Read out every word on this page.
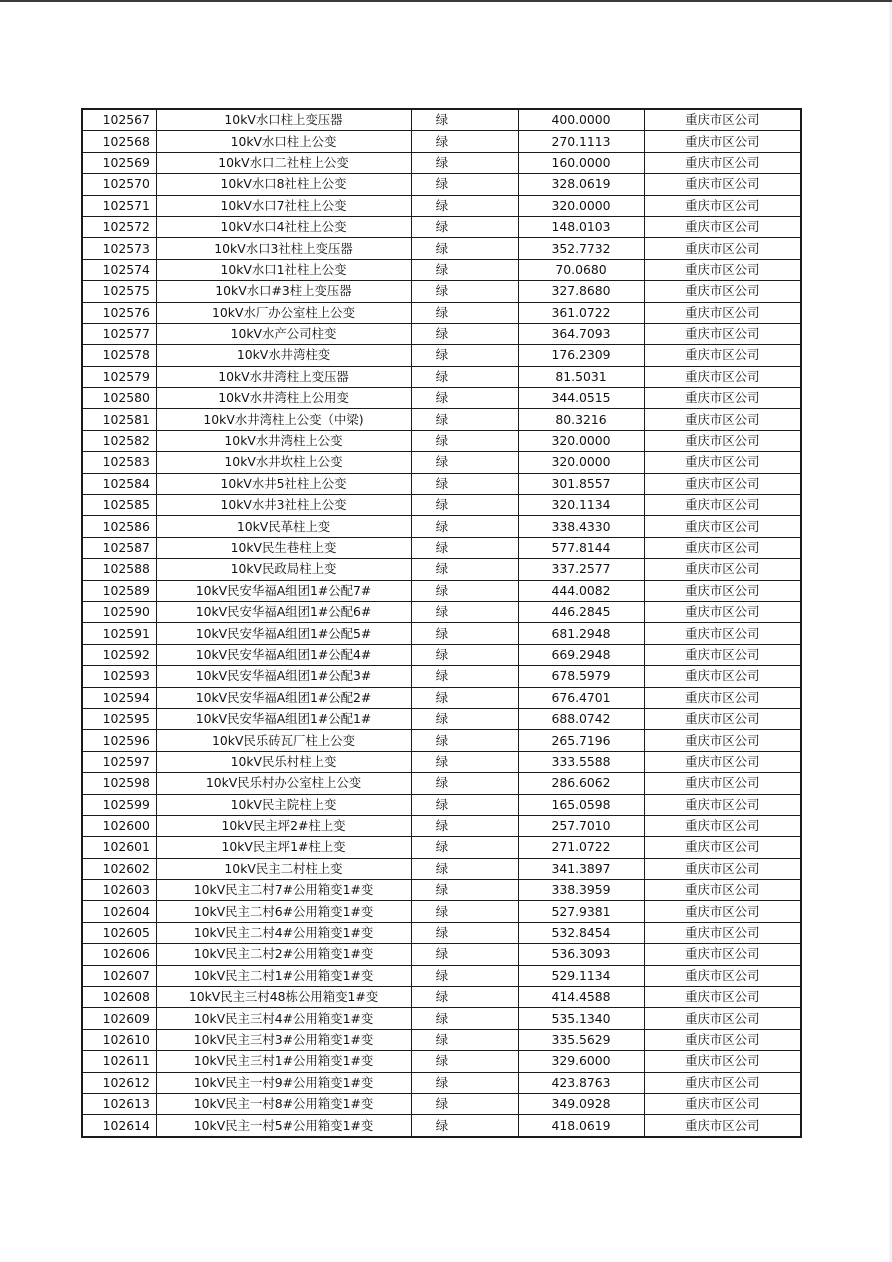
102567	10kV水口柱上变压器	绿	400.0000	重庆市区公司
102568	10kV水口柱上公变	绿	270.1113	重庆市区公司
102569	10kV水口二社柱上公变	绿	160.0000	重庆市区公司
102570	10kV水口8社柱上公变	绿	328.0619	重庆市区公司
102571	10kV水口7社柱上公变	绿	320.0000	重庆市区公司
102572	10kV水口4社柱上公变	绿	148.0103	重庆市区公司
102573	10kV水口3社柱上变压器	绿	352.7732	重庆市区公司
102574	10kV水口1社柱上公变	绿	70.0680	重庆市区公司
102575	10kV水口#3柱上变压器	绿	327.8680	重庆市区公司
102576	10kV水厂办公室柱上公变	绿	361.0722	重庆市区公司
102577	10kV水产公司柱变	绿	364.7093	重庆市区公司
102578	10kV水井湾柱变	绿	176.2309	重庆市区公司
102579	10kV水井湾柱上变压器	绿	81.5031	重庆市区公司
102580	10kV水井湾柱上公用变	绿	344.0515	重庆市区公司
102581	10kV水井湾柱上公变（中梁)	绿	80.3216	重庆市区公司
102582	10kV水井湾柱上公变	绿	320.0000	重庆市区公司
102583	10kV水井坎柱上公变	绿	320.0000	重庆市区公司
102584	10kV水井5社柱上公变	绿	301.8557	重庆市区公司
102585	10kV水井3社柱上公变	绿	320.1134	重庆市区公司
102586	10kV民革柱上变	绿	338.4330	重庆市区公司
102587	10kV民生巷柱上变	绿	577.8144	重庆市区公司
102588	10kV民政局柱上变	绿	337.2577	重庆市区公司
102589	10kV民安华福A组团1#公配7#	绿	444.0082	重庆市区公司
102590	10kV民安华福A组团1#公配6#	绿	446.2845	重庆市区公司
102591	10kV民安华福A组团1#公配5#	绿	681.2948	重庆市区公司
102592	10kV民安华福A组团1#公配4#	绿	669.2948	重庆市区公司
102593	10kV民安华福A组团1#公配3#	绿	678.5979	重庆市区公司
102594	10kV民安华福A组团1#公配2#	绿	676.4701	重庆市区公司
102595	10kV民安华福A组团1#公配1#	绿	688.0742	重庆市区公司
102596	10kV民乐砖瓦厂柱上公变	绿	265.7196	重庆市区公司
102597	10kV民乐村柱上变	绿	333.5588	重庆市区公司
102598	10kV民乐村办公室柱上公变	绿	286.6062	重庆市区公司
102599	10kV民主院柱上变	绿	165.0598	重庆市区公司
102600	10kV民主坪2#柱上变	绿	257.7010	重庆市区公司
102601	10kV民主坪1#柱上变	绿	271.0722	重庆市区公司
102602	10kV民主二村柱上变	绿	341.3897	重庆市区公司
102603	10kV民主二村7#公用箱变1#变	绿	338.3959	重庆市区公司
102604	10kV民主二村6#公用箱变1#变	绿	527.9381	重庆市区公司
102605	10kV民主二村4#公用箱变1#变	绿	532.8454	重庆市区公司
102606	10kV民主二村2#公用箱变1#变	绿	536.3093	重庆市区公司
102607	10kV民主二村1#公用箱变1#变	绿	529.1134	重庆市区公司
102608	10kV民主三村48栋公用箱变1#变	绿	414.4588	重庆市区公司
102609	10kV民主三村4#公用箱变1#变	绿	535.1340	重庆市区公司
102610	10kV民主三村3#公用箱变1#变	绿	335.5629	重庆市区公司
102611	10kV民主三村1#公用箱变1#变	绿	329.6000	重庆市区公司
102612	10kV民主一村9#公用箱变1#变	绿	423.8763	重庆市区公司
102613	10kV民主一村8#公用箱变1#变	绿	349.0928	重庆市区公司
102614	10kV民主一村5#公用箱变1#变	绿	418.0619	重庆市区公司
